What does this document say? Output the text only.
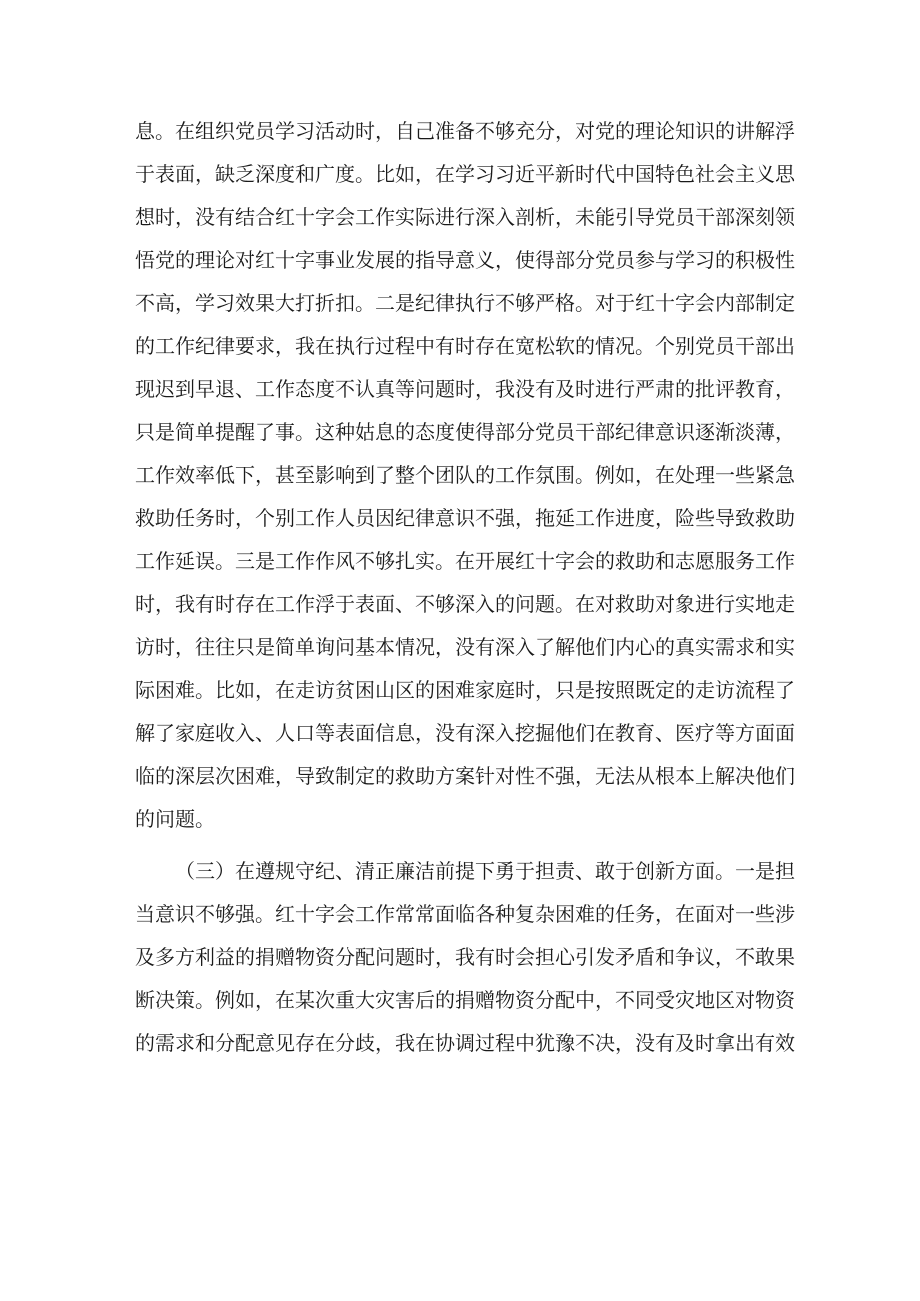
息。在组织党员学习活动时，自己准备不够充分，对党的理论知识的讲解浮
于表面，缺乏深度和广度。比如，在学习习近平新时代中国特色社会主义思
想时，没有结合红十字会工作实际进行深入剖析，未能引导党员干部深刻领
悟党的理论对红十字事业发展的指导意义，使得部分党员参与学习的积极性
不高，学习效果大打折扣。二是纪律执行不够严格。对于红十字会内部制定
的工作纪律要求，我在执行过程中有时存在宽松软的情况。个别党员干部出
现迟到早退、工作态度不认真等问题时，我没有及时进行严肃的批评教育，
只是简单提醒了事。这种姑息的态度使得部分党员干部纪律意识逐渐淡薄，
工作效率低下，甚至影响到了整个团队的工作氛围。例如，在处理一些紧急
救助任务时，个别工作人员因纪律意识不强，拖延工作进度，险些导致救助
工作延误。三是工作作风不够扎实。在开展红十字会的救助和志愿服务工作
时，我有时存在工作浮于表面、不够深入的问题。在对救助对象进行实地走
访时，往往只是简单询问基本情况，没有深入了解他们内心的真实需求和实
际困难。比如，在走访贫困山区的困难家庭时，只是按照既定的走访流程了
解了家庭收入、人口等表面信息，没有深入挖掘他们在教育、医疗等方面面
临的深层次困难，导致制定的救助方案针对性不强，无法从根本上解决他们
的问题。
（三）在遵规守纪、清正廉洁前提下勇于担责、敢于创新方面。一是担
当意识不够强。红十字会工作常常面临各种复杂困难的任务，在面对一些涉
及多方利益的捐赠物资分配问题时，我有时会担心引发矛盾和争议，不敢果
断决策。例如，在某次重大灾害后的捐赠物资分配中，不同受灾地区对物资
的需求和分配意见存在分歧，我在协调过程中犹豫不决，没有及时拿出有效
